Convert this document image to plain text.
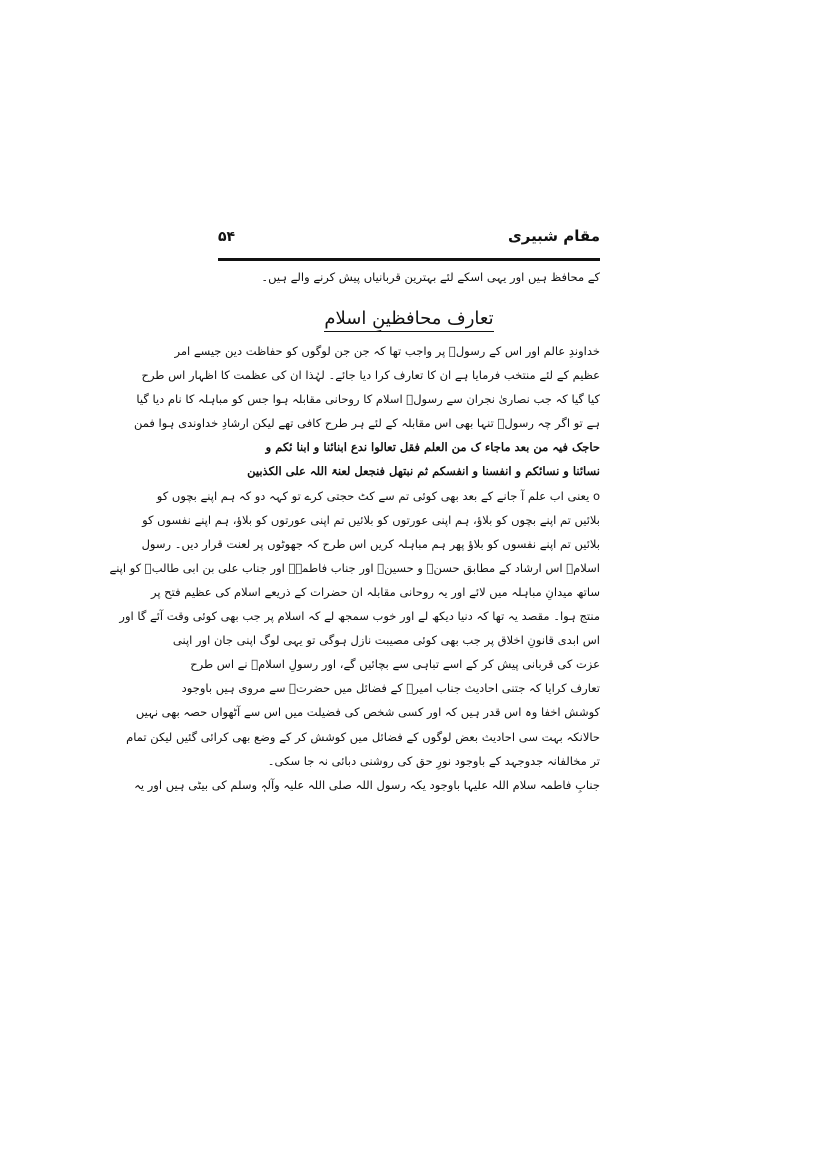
مقام شبیری
۵۴
کے محافظ ہیں اور یہی اسکے لئے بہترین قربانیاں پیش کرنے والے ہیں۔
تعارف محافظینِ اسلام
خداوندِ عالم اور اس کے رسولؐ پر واجب تھا کہ جن جن لوگوں کو حفاظت دین جیسے امر
عظیم کے لئے منتخب فرمایا ہے ان کا تعارف کرا دیا جائے۔ لہٰذا ان کی عظمت کا اظہار اس طرح
کیا گیا کہ جب نصاریٰ نجران سے رسولؐ اسلام کا روحانی مقابلہ ہوا جس کو مباہلہ کا نام دیا گیا
ہے تو اگر چہ رسولؐ تنہا بھی اس مقابلہ کے لئے ہر طرح کافی تھے لیکن ارشادِ خداوندی ہوا فمن
حاجک فیہ من بعد ماجاء ک من العلم فقل تعالوا ندع ابنائنا و ابنا ئکم و
نسائنا و نسائکم و انفسنا و انفسکم ثم نبتھل فنجعل لعنۃ اللہ علی الکذبین
o یعنی اب علم آ جانے کے بعد بھی کوئی تم سے کٹ حجتی کرے تو کہہ دو کہ ہم اپنے بچوں کو
بلائیں تم اپنے بچوں کو بلاؤ، ہم اپنی عورتوں کو بلائیں تم اپنی عورتوں کو بلاؤ، ہم اپنے نفسوں کو
بلائیں تم اپنے نفسوں کو بلاؤ پھر ہم مباہلہ کریں اس طرح کہ جھوٹوں پر لعنت قرار دیں۔ رسول
اسلامؐ اس ارشاد کے مطابق حسنؑ و حسینؑ اور جناب فاطمہؑ اور جناب علی بن ابی طالبؑ کو اپنے
ساتھ میدانِ مباہلہ میں لائے اور یہ روحانی مقابلہ ان حضرات کے ذریعے اسلام کی عظیم فتح پر
منتج ہوا۔ مقصد یہ تھا کہ دنیا دیکھ لے اور خوب سمجھ لے کہ اسلام پر جب بھی کوئی وقت آئے گا اور
اس ابدی قانونِ اخلاق پر جب بھی کوئی مصیبت نازل ہوگی تو یہی لوگ اپنی جان اور اپنی
عزت کی قربانی پیش کر کے اسے تباہی سے بچائیں گے، اور رسولِ اسلامؐ نے اس طرح
تعارف کرایا کہ جتنی احادیث جناب امیرؑ کے فضائل میں حضرتؐ سے مروی ہیں باوجود
کوشش اخفا وہ اس قدر ہیں کہ اور کسی شخص کی فضیلت میں اس سے آٹھواں حصہ بھی نہیں
حالانکہ بہت سی احادیث بعض لوگوں کے فضائل میں کوشش کر کے وضع بھی کرائی گئیں لیکن تمام
تر مخالفانہ جدوجہد کے باوجود نورِ حق کی روشنی دبائی نہ جا سکی۔
جنابِ فاطمہ سلام اللہ علیہا باوجود یکہ رسول اللہ صلی اللہ علیہ وآلہٖ وسلم کی بیٹی ہیں اور یہ
